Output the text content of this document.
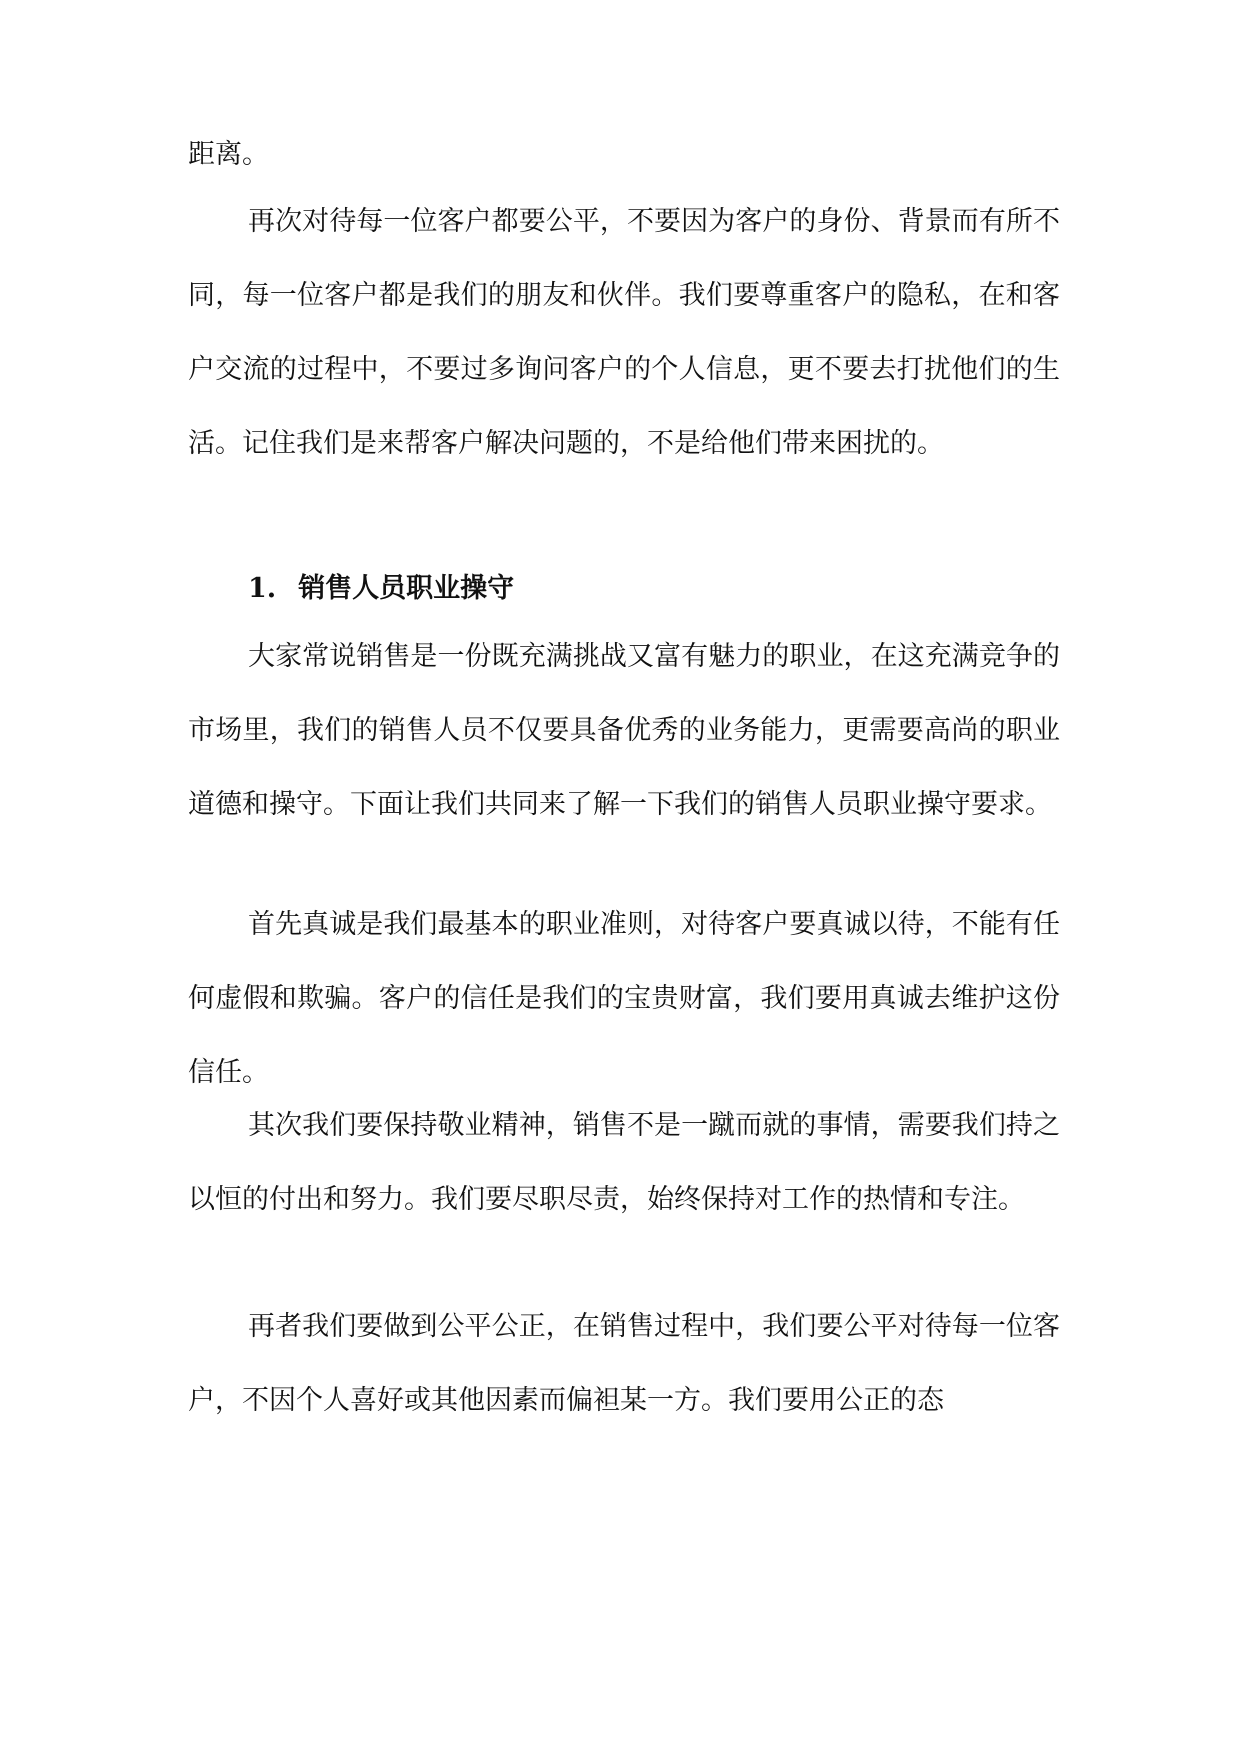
距离。

再次对待每一位客户都要公平，不要因为客户的身份、背景而有所不同，每一位客户都是我们的朋友和伙伴。我们要尊重客户的隐私，在和客户交流的过程中，不要过多询问客户的个人信息，更不要去打扰他们的生活。记住我们是来帮客户解决问题的，不是给他们带来困扰的。

1. 销售人员职业操守

大家常说销售是一份既充满挑战又富有魅力的职业，在这充满竞争的市场里，我们的销售人员不仅要具备优秀的业务能力，更需要高尚的职业道德和操守。下面让我们共同来了解一下我们的销售人员职业操守要求。

首先真诚是我们最基本的职业准则，对待客户要真诚以待，不能有任何虚假和欺骗。客户的信任是我们的宝贵财富，我们要用真诚去维护这份信任。

其次我们要保持敬业精神，销售不是一蹴而就的事情，需要我们持之以恒的付出和努力。我们要尽职尽责，始终保持对工作的热情和专注。

再者我们要做到公平公正，在销售过程中，我们要公平对待每一位客户，不因个人喜好或其他因素而偏袒某一方。我们要用公正的态
